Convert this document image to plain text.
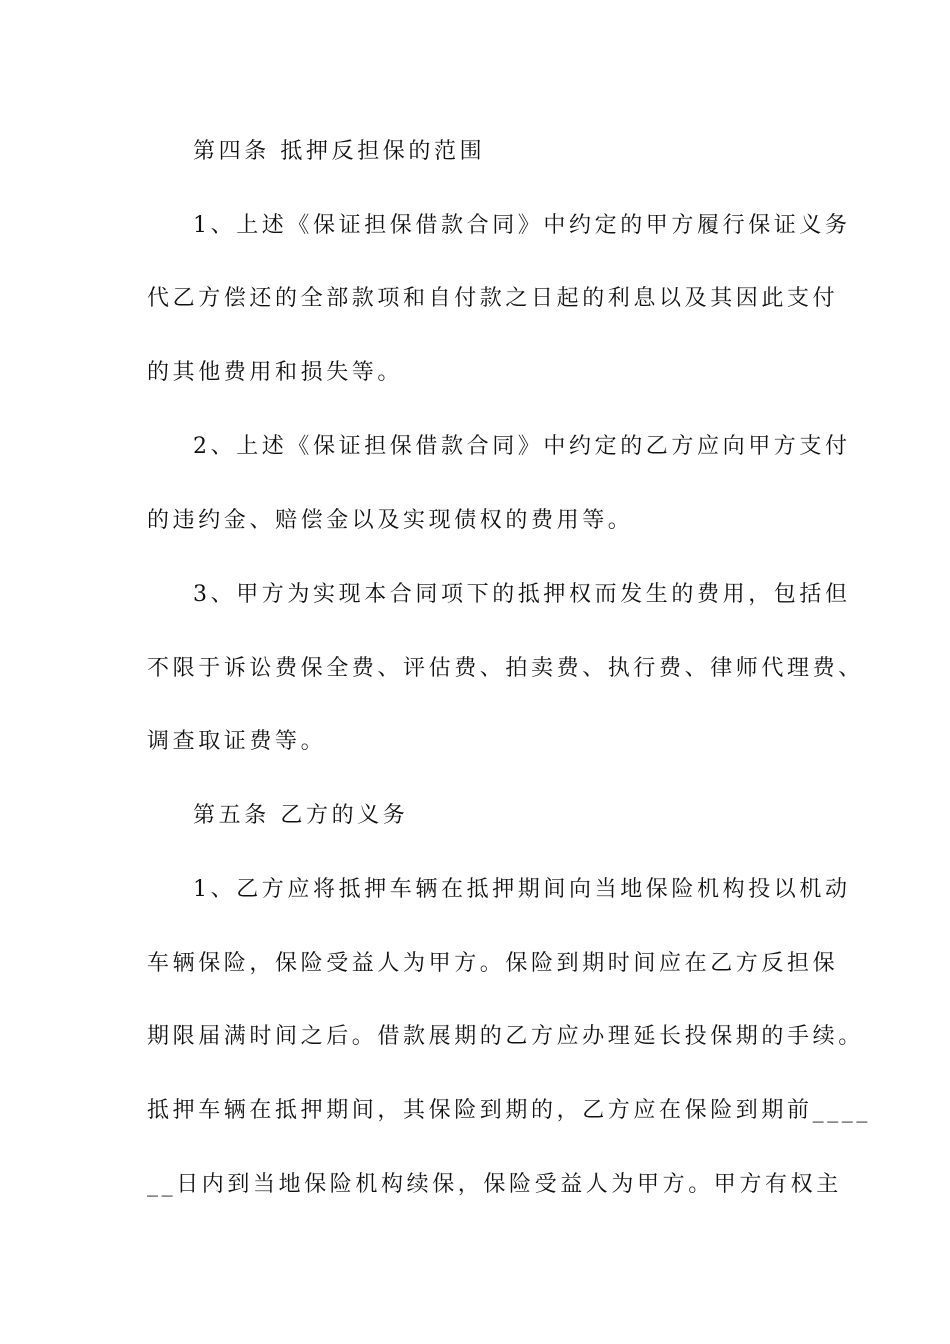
第四条 抵押反担保的范围
1、上述《保证担保借款合同》中约定的甲方履行保证义务
代乙方偿还的全部款项和自付款之日起的利息以及其因此支付
的其他费用和损失等。
2、上述《保证担保借款合同》中约定的乙方应向甲方支付
的违约金、赔偿金以及实现债权的费用等。
3、甲方为实现本合同项下的抵押权而发生的费用，包括但
不限于诉讼费保全费、评估费、拍卖费、执行费、律师代理费、
调查取证费等。
第五条 乙方的义务
1、乙方应将抵押车辆在抵押期间向当地保险机构投以机动
车辆保险，保险受益人为甲方。保险到期时间应在乙方反担保
期限届满时间之后。借款展期的乙方应办理延长投保期的手续。
抵押车辆在抵押期间，其保险到期的，乙方应在保险到期前____
__日内到当地保险机构续保，保险受益人为甲方。甲方有权主
